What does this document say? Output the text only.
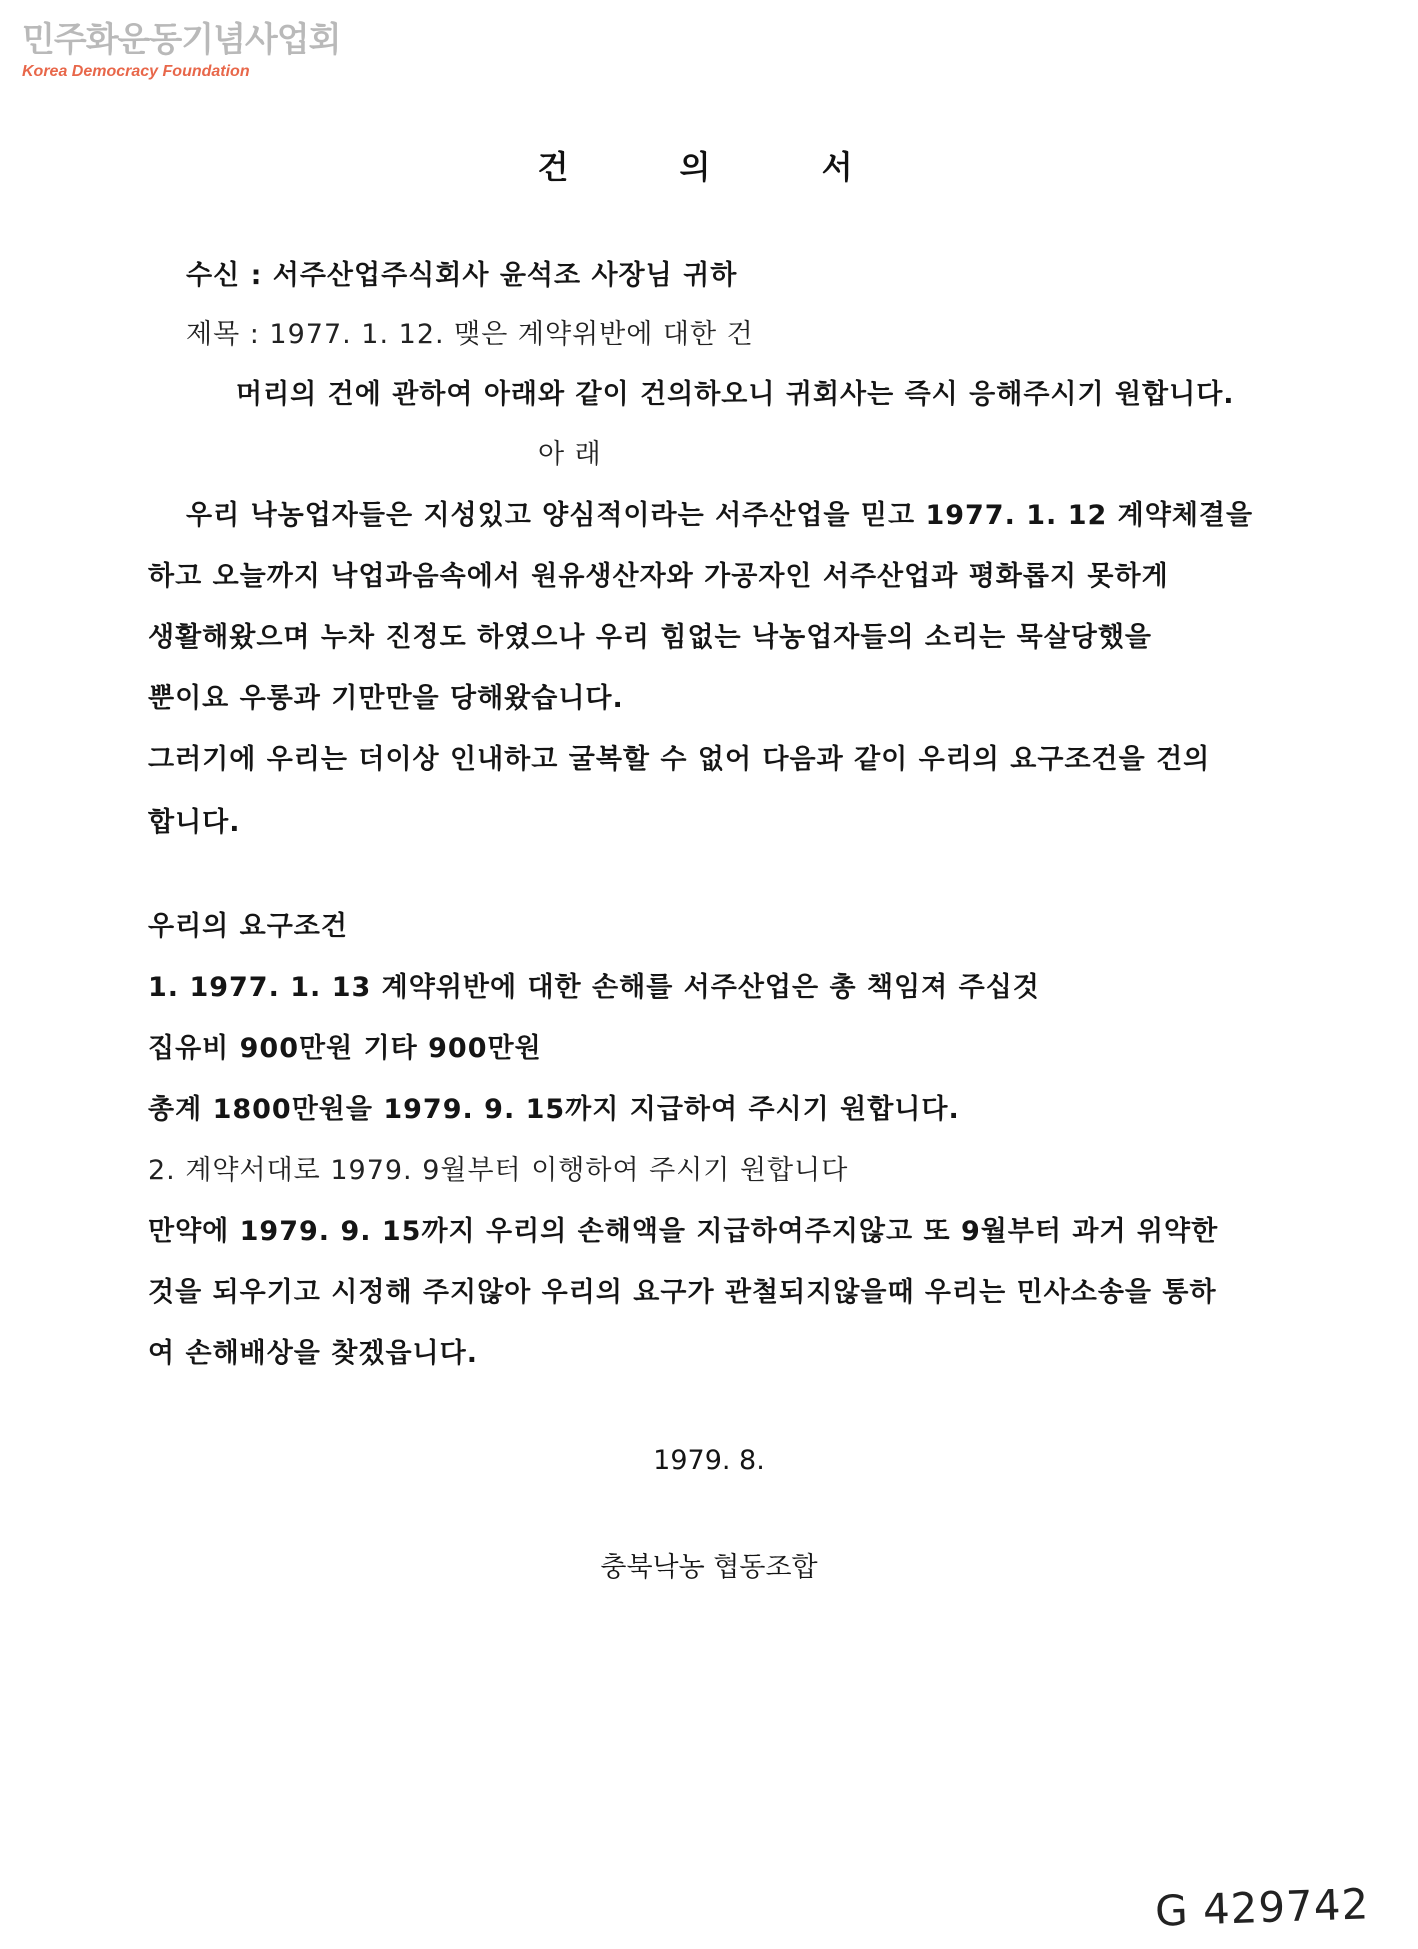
민주화운동기념사업회
Korea Democracy Foundation
건 의 서
수신 : 서주산업주식회사 윤석조 사장님 귀하
제목 : 1977. 1. 12. 맺은 계약위반에 대한 건
머리의 건에 관하여 아래와 같이 건의하오니 귀회사는 즉시 응해주시기 원합니다.
아 래
우리 낙농업자들은 지성있고 양심적이라는 서주산업을 믿고 1977. 1. 12 계약체결을
하고 오늘까지 낙업과음속에서 원유생산자와 가공자인 서주산업과 평화롭지 못하게
생활해왔으며 누차 진정도 하였으나 우리 힘없는 낙농업자들의 소리는 묵살당했을
뿐이요 우롱과 기만만을 당해왔습니다.
그러기에 우리는 더이상 인내하고 굴복할 수 없어 다음과 같이 우리의 요구조건을 건의
합니다.
우리의 요구조건
1. 1977. 1. 13 계약위반에 대한 손해를 서주산업은 총 책임져 주십것
집유비 900만원 기타 900만원
총계 1800만원을 1979. 9. 15까지 지급하여 주시기 원합니다.
2. 계약서대로 1979. 9월부터 이행하여 주시기 원합니다
만약에 1979. 9. 15까지 우리의 손해액을 지급하여주지않고 또 9월부터 과거 위약한
것을 되우기고 시정해 주지않아 우리의 요구가 관철되지않을때 우리는 민사소송을 통하
여 손해배상을 찾겠읍니다.
1979. 8.
충북낙농 협동조합
G 429742
